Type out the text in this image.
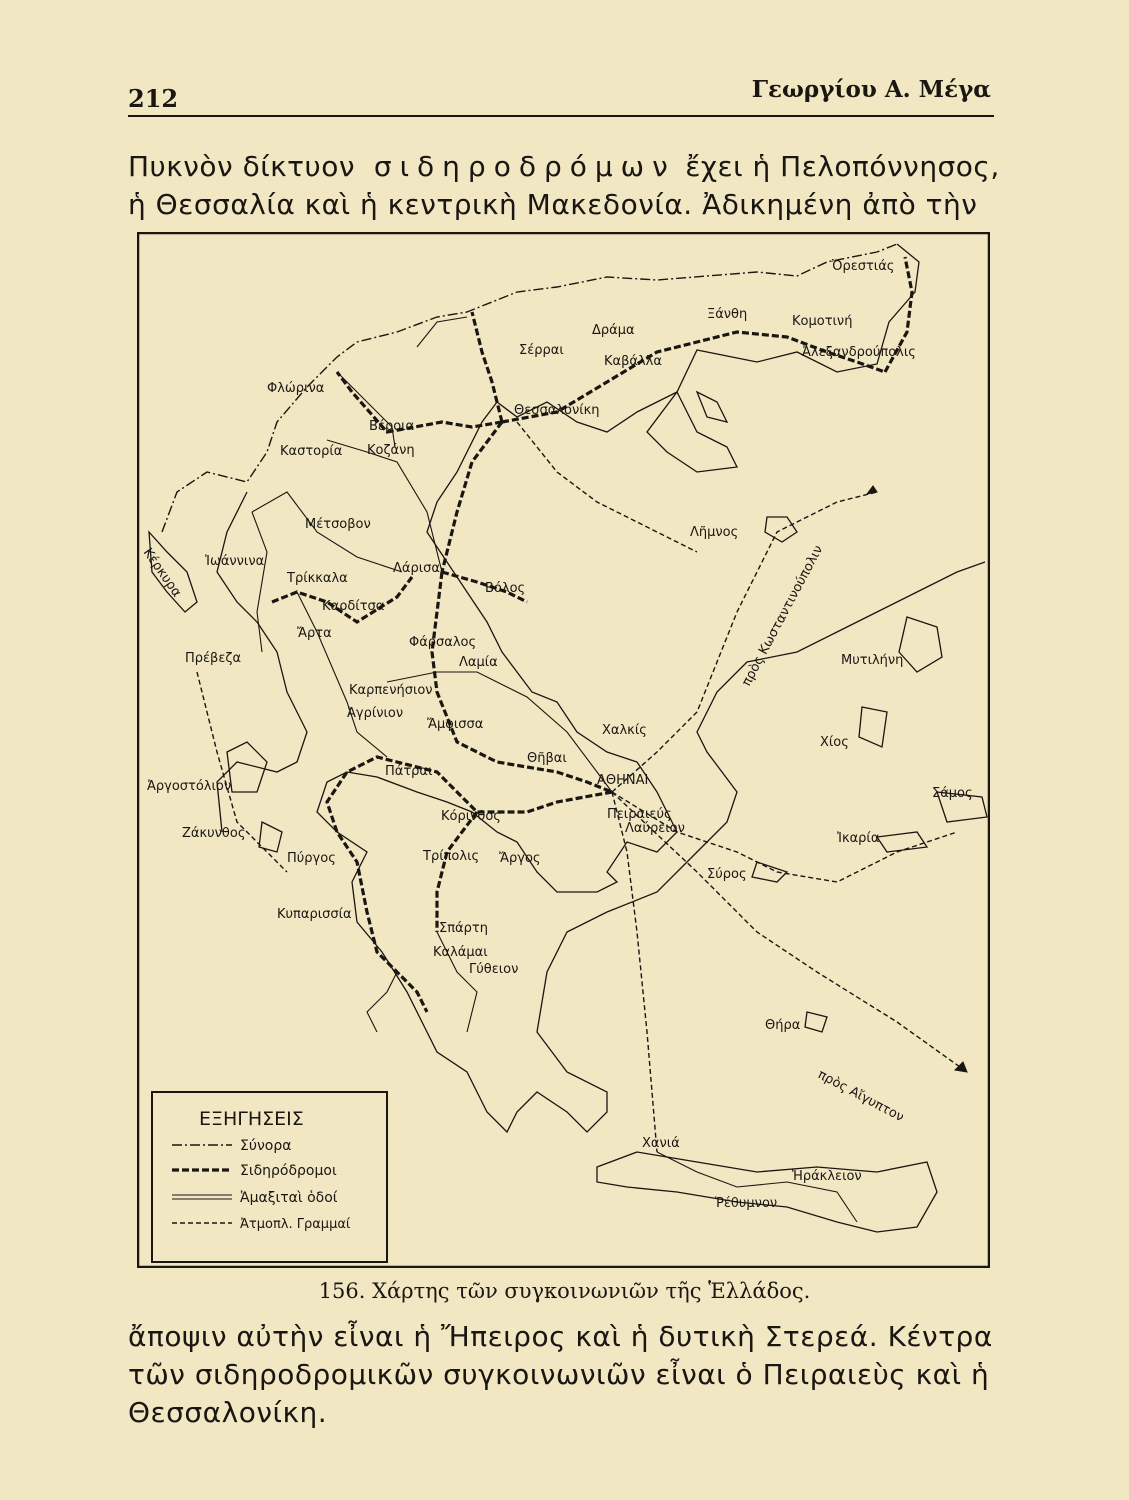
212	Γεωργίου Α. Μέγα
Πυκνὸν δίκτυον σιδηροδρόμων ἔχει ἡ Πελοπόννησος,
ἡ Θεσσαλία καὶ ἡ κεντρικὴ Μακεδονία. Ἀδικημένη ἀπὸ τὴν
Ὀρεστιάς
Κομοτινή
Ξάνθη
Δράμα
Σέρραι
Καβάλλα
Ἀλεξανδρούπολις
Φλώρινα
Βέροια
Θεσσαλονίκη
Καστορία Κοζάνη
Μέτσοβον
Ἰωάννινα
Τρίκκαλα
Λάρισα
Βόλος
Καρδίτσα
Κέρκυρα
Ἄρτα
Φάρσαλος
Πρέβεζα	Λαμία
Καρπενήσιον
Ἀγρίνιον
Ἄμφισσα	Χαλκίς
Θῆβαι
ΑΘΗΝΑΙ
Πάτραι
Ἀργοστόλιον
Κόρινθος	Πειραιεύς
Λαύρειον
Ζάκυνθος
Πύργος	Τρίπολις Ἄργος
Κυπαρισσία
Σπάρτη
Καλάμαι
Γύθειον
Σύρος
Λῆμνος
Μυτιλήνη
Χίος
Σάμος
Ἰκαρία
Θήρα
Χανιά
Ἡράκλειον
Ῥέθυμνον
πρὸς Κωσταντινούπολιν
πρὸς Αἴγυπτον
ΕΞΗΓΗΣΕΙΣ
Σύνορα
Σιδηρόδρομοι
Ἁμαξιταὶ ὁδοί
Ἀτμοπλ. Γραμμαί
156. Χάρτης τῶν συγκοινωνιῶν τῆς Ἑλλάδος.
ἄποψιν αὐτὴν εἶναι ἡ Ἤπειρος καὶ ἡ δυτικὴ Στερεά. Κέντρα
τῶν σιδηροδρομικῶν συγκοινωνιῶν εἶναι ὁ Πειραιεὺς καὶ ἡ
Θεσσαλονίκη.
